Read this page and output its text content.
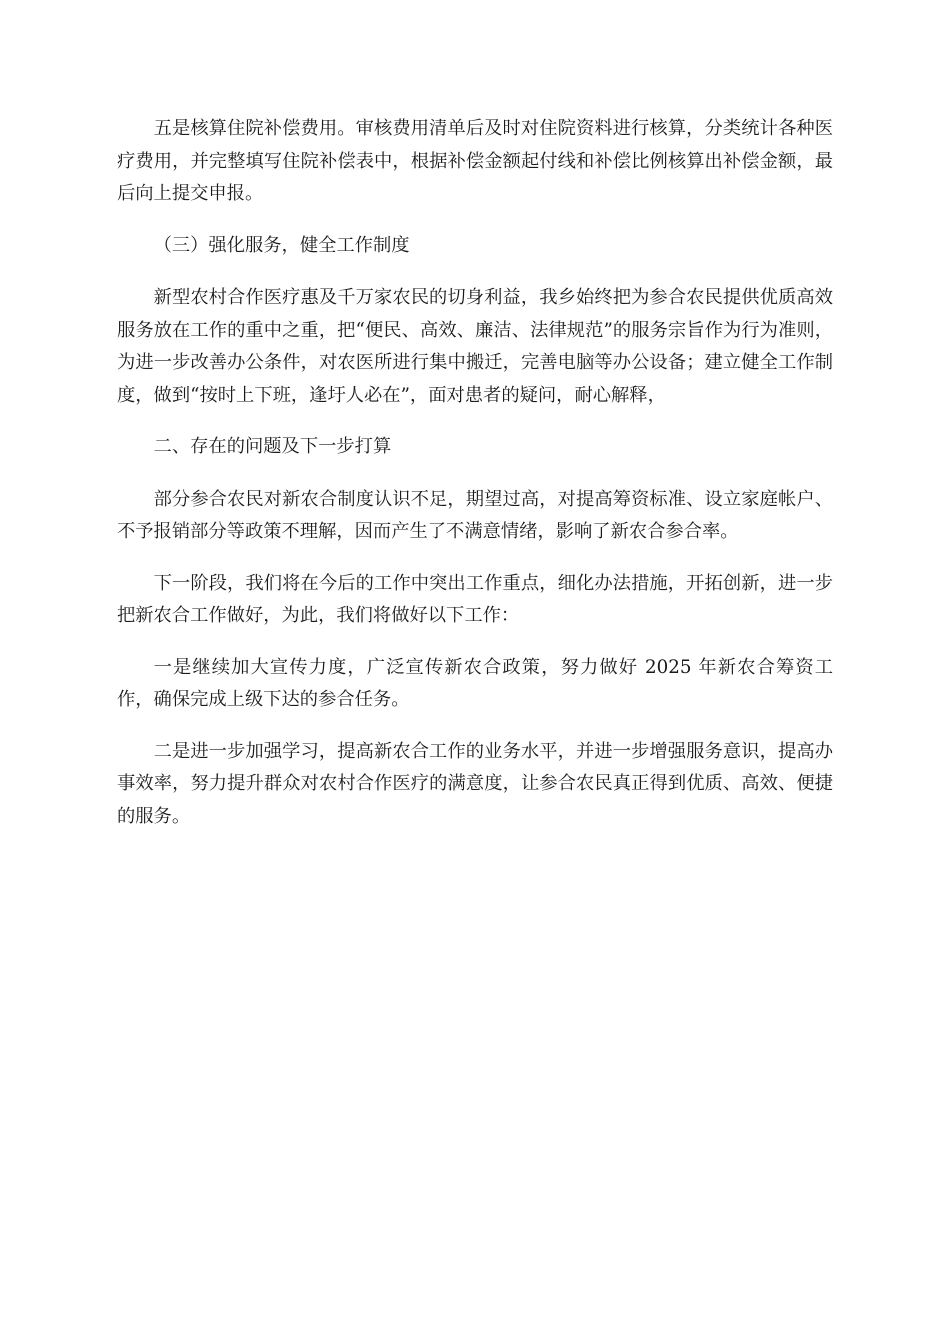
五是核算住院补偿费用。审核费用清单后及时对住院资料进行核算，分类统计各种医疗费用，并完整填写住院补偿表中，根据补偿金额起付线和补偿比例核算出补偿金额，最后向上提交申报。

（三）强化服务，健全工作制度

新型农村合作医疗惠及千万家农民的切身利益，我乡始终把为参合农民提供优质高效服务放在工作的重中之重，把“便民、高效、廉洁、法律规范”的服务宗旨作为行为准则，为进一步改善办公条件，对农医所进行集中搬迁，完善电脑等办公设备；建立健全工作制度，做到“按时上下班，逢圩人必在”，面对患者的疑问，耐心解释，

二、存在的问题及下一步打算

部分参合农民对新农合制度认识不足，期望过高，对提高筹资标准、设立家庭帐户、不予报销部分等政策不理解，因而产生了不满意情绪，影响了新农合参合率。

下一阶段，我们将在今后的工作中突出工作重点，细化办法措施，开拓创新，进一步把新农合工作做好，为此，我们将做好以下工作：

一是继续加大宣传力度，广泛宣传新农合政策，努力做好 2025 年新农合筹资工作，确保完成上级下达的参合任务。

二是进一步加强学习，提高新农合工作的业务水平，并进一步增强服务意识，提高办事效率，努力提升群众对农村合作医疗的满意度，让参合农民真正得到优质、高效、便捷的服务。
